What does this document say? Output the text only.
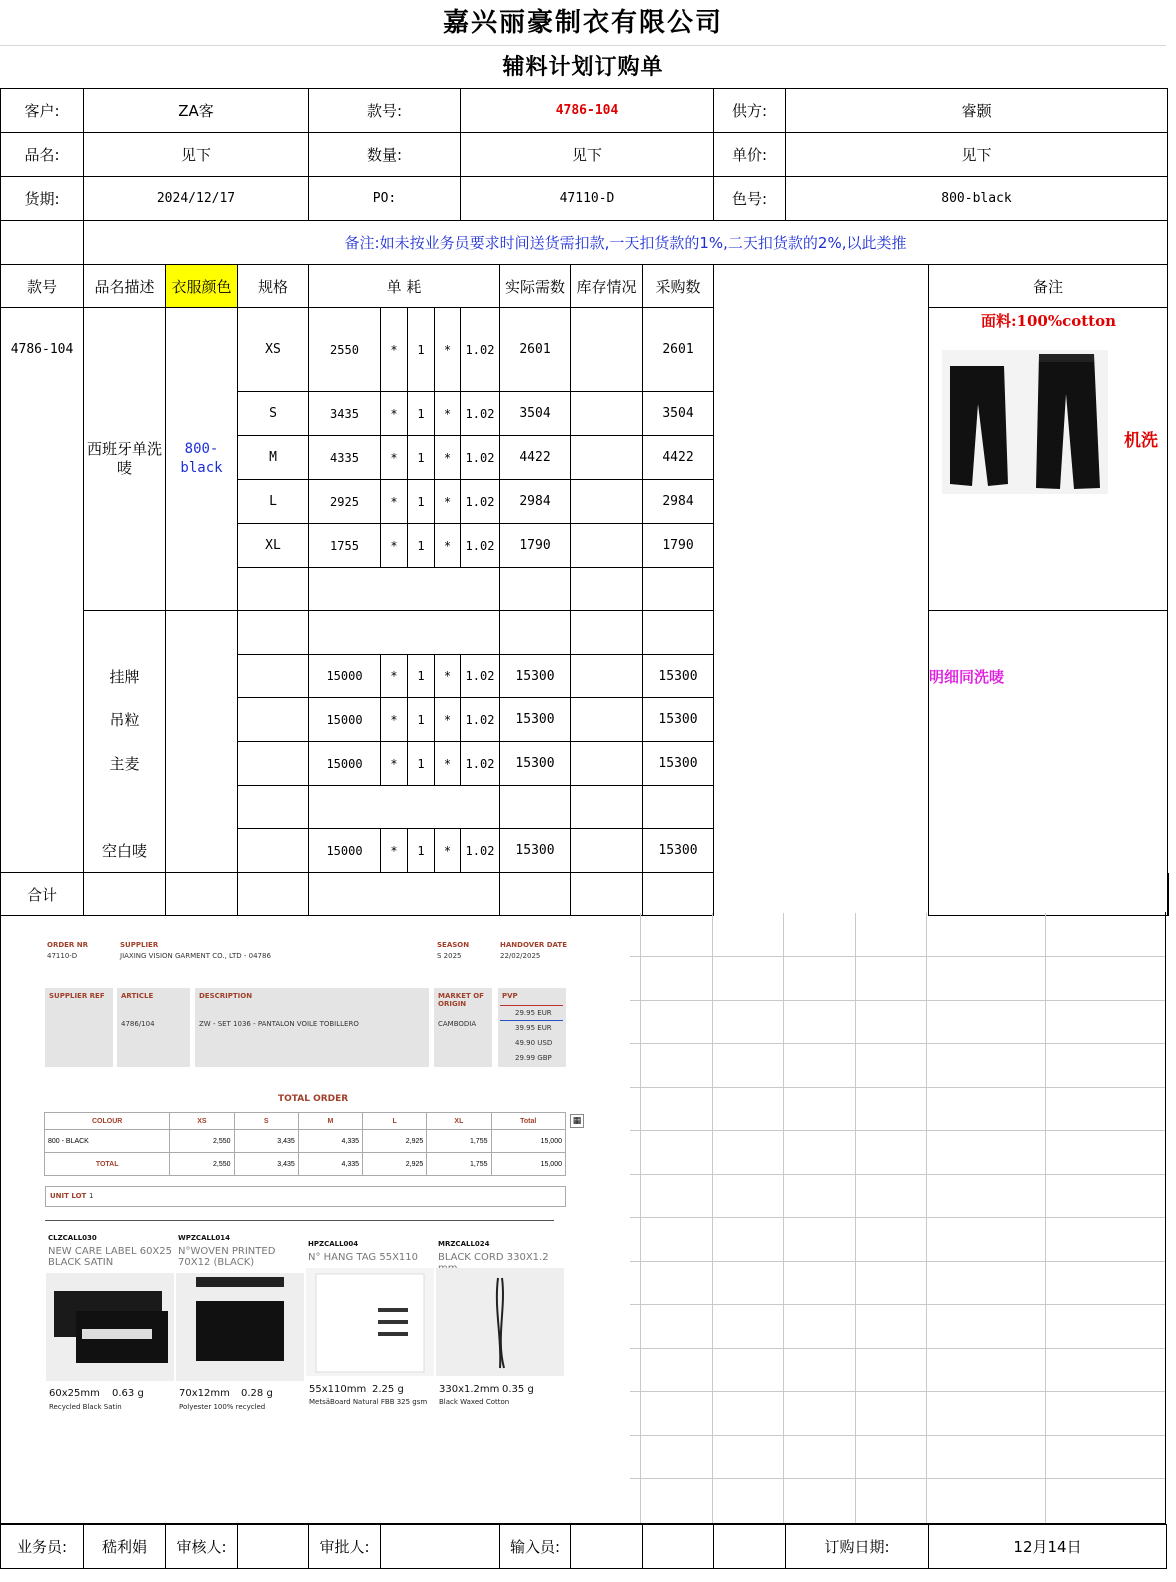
嘉兴丽豪制衣有限公司
辅料计划订购单
客户:	ZA客			款号:				4786-104				供方:	睿颢		
品名:	见下			数量:				见下				单价:	见下		
货期:	2024/12/17			PO:				47110-D				色号:	800-black		
	备注:如未按业务员要求时间送货需扣款,一天扣货款的1%,二天扣货款的2%,以此类推														
款号	品名描述	衣服颜色	规格	单 耗					实际需数	库存情况	采购数			备注	
4786-104	西班牙单洗唛	800-black	XS	2550	*	1	*	1.02	2601		2601			面料:100%cotton
机洗	

			S	3435	*	1	*	1.02	3504		3504				
			M	4335	*	1	*	1.02	4422		4422				
			L	2925	*	1	*	1.02	2984		2984				
			XL	1755	*	1	*	1.02	1790		1790				

	挂牌			15000	*	1	*	1.02	15300		15300			明细同洗唛	
	吊粒			15000	*	1	*	1.02	15300		15300				
	主麦			15000	*	1	*	1.02	15300		15300				

	空白唛			15000	*	1	*	1.02	15300		15300				
合计															
ORDER NR
47110-D
SUPPLIER
JIAXING VISION GARMENT CO., LTD - 04786
SEASON
S 2025
HANDOVER DATE
22/02/2025
SUPPLIER REF ARTICLE
4786/104
DESCRIPTION
ZW - SET 1036 - PANTALON VOILE TOBILLERO
MARKET OF ORIGIN
CAMBODIA
PVP
29.95 EUR
39.95 EUR
49.90 USD
29.99 GBP
TOTAL ORDER
COLOUR	XS	S	M	L	XL	Total
800 - BLACK	2,550	3,435	4,335	2,925	1,755	15,000
TOTAL	2,550	3,435	4,335	2,925	1,755	15,000
▦
UNIT LOT 1
CLZCALL030
NEW CARE LABEL 60X25 BLACK SATIN
60x25mm 0.63 g
Recycled Black Satin
WPZCALL014
N°WOVEN PRINTED 70X12 (BLACK)
70x12mm 0.28 g
Polyester 100% recycled
HPZCALL004
N° HANG TAG 55X110
55x110mm 2.25 g
MetsäBoard Natural FBB 325 gsm
MRZCALL024
BLACK CORD 330X1.2
330x1.2mm 0.35 g
Black Waxed Cotton
业务员:	嵇利娟	审核人:		审批人:		输入员:				订购日期:	12月14日
